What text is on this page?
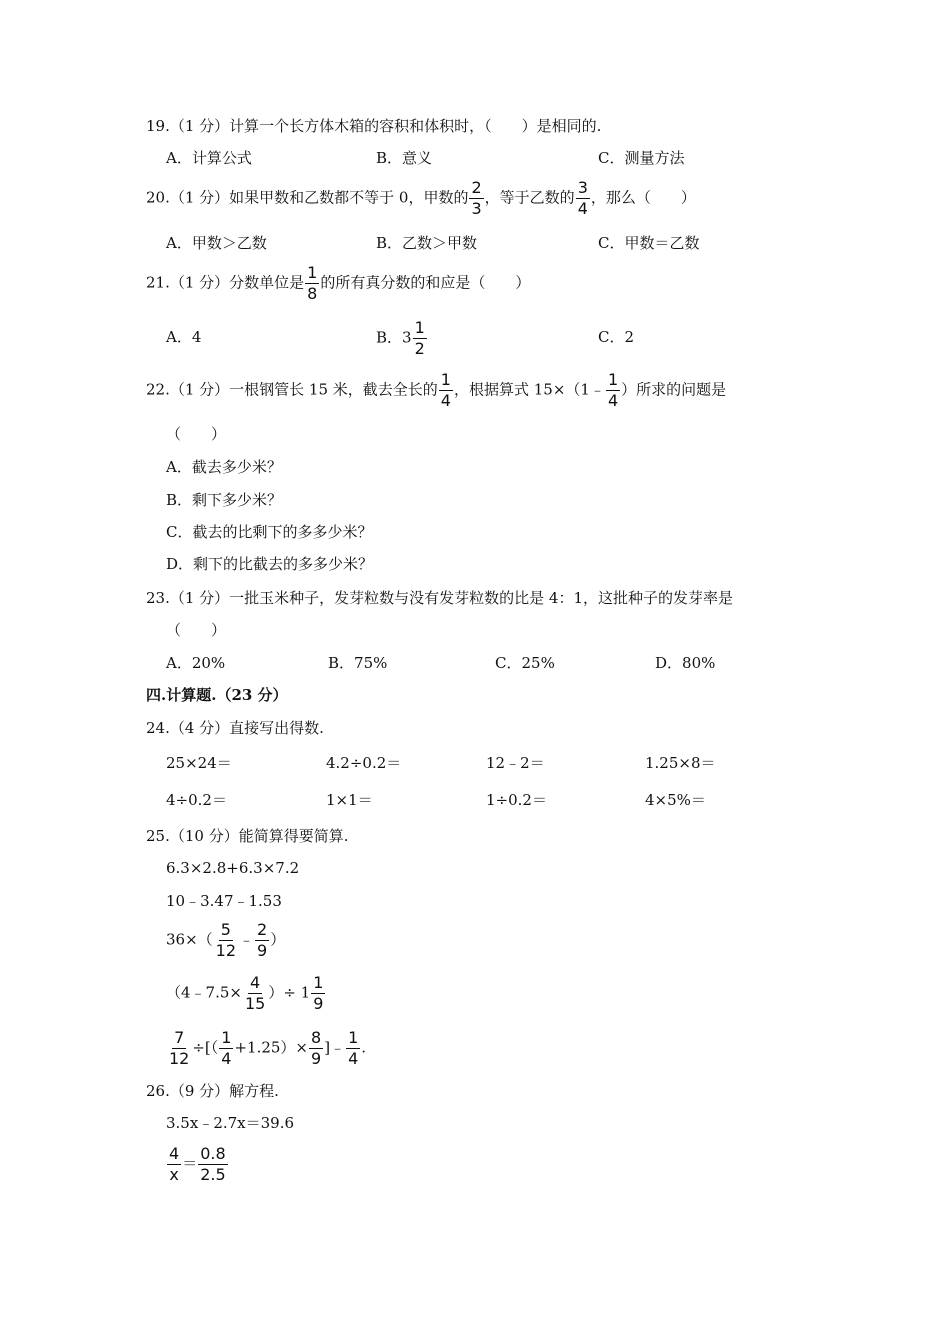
19.（1 分）计算一个长方体木箱的容积和体积时，（　　）是相同的.
A．计算公式	B．意义	C．测量方法
20.（1 分）如果甲数和乙数都不等于 0，甲数的 $\frac{2}{3}$ ，等于乙数的 $\frac{3}{4}$ ，那么（　　）
A．甲数＞乙数	B．乙数＞甲数	C．甲数＝乙数
21.（1 分）分数单位是 $\frac{1}{8}$ 的所有真分数的和应是（　　）
A．4	B．$3 \frac{1}{2}$	C．2
22.（1 分）一根钢管长 15 米，截去全长的 $\frac{1}{4}$ ，根据算式 15×（1﹣ $\frac{1}{4}$ ）所求的问题是
（　　）
A．截去多少米？
B．剩下多少米？
C．截去的比剩下的多多少米？
D．剩下的比截去的多多少米？
23.（1 分）一批玉米种子，发芽粒数与没有发芽粒数的比是 4：1，这批种子的发芽率是
（　　）
A．20%	B．75%	C．25%	D．80%
四.计算题.（23 分）
24.（4 分）直接写出得数.
25×24＝	4.2÷0.2＝	12﹣2＝	1.25×8＝
4÷0.2＝	1×1＝	1÷0.2＝	4×5%＝
25.（10 分）能简算得要简算.
6.3×2.8+6.3×7.2
10﹣3.47﹣1.53
$36\times( \frac{5}{12}$ ﹣ $\frac{2}{9}$ ）
（4﹣7.5× $\frac{4}{15}$ ）÷ $1 \frac{1}{9}$
$\frac{7}{12}$ ÷[（ $\frac{1}{4} +1.25)\times \frac{8}{9}$ ]﹣ $\frac{1}{4}$ .
26.（9 分）解方程.
3.5x﹣2.7x＝39.6
$\frac{4}{x} = \frac{0.8}{2.5}$
